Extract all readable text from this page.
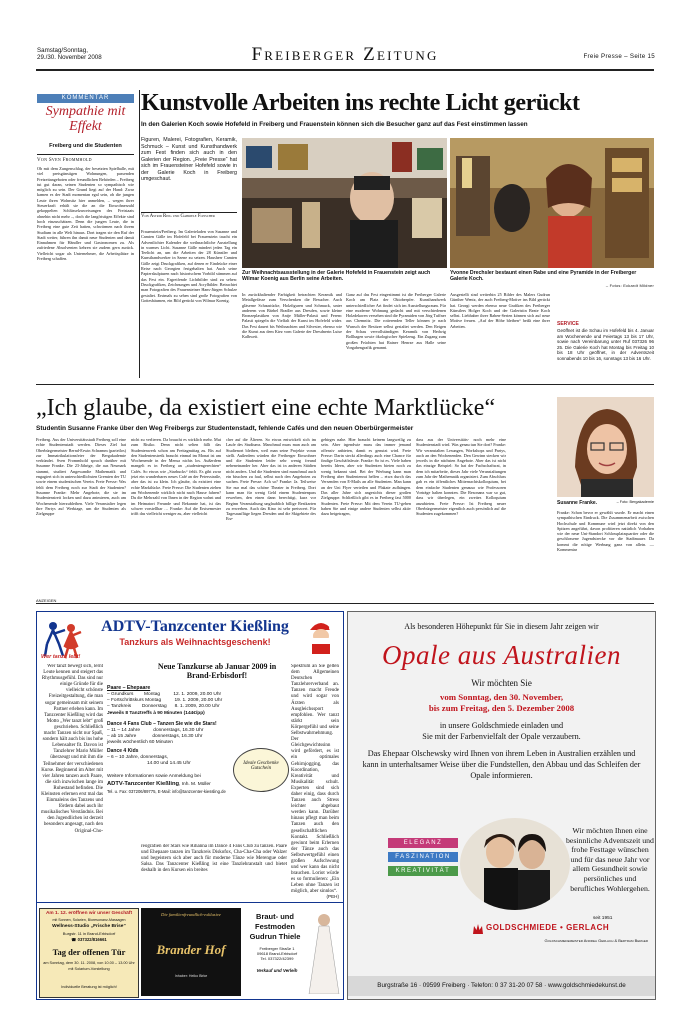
Samstag/Sonntag,
29./30. November 2008	Freiberger Zeitung	Freie Presse – Seite 15
KOMMENTAR
Sympathie mit Effekt
Freiberg und die Studenten
Von Sven Frommhold
Ob mit dem Zungenschlag, der besetzten Spielhalle, mit viel preisgünstigen Wohnungen, passenden Freizeitangeboten oder freundlichen Behörden – Freiberg tut gut daran, seinen Studenten so sympathisch wie möglich zu sein. Der Grund liegt auf der Hand: Zwar kamen es der Stadt momentan egal sein, ob die jungen Leute ihren Wohnsitz hier anmelden, – wegen ihrer Steuerkraft erhält sie die an die Einwohnerzahl gekoppelten Schlüsselzuweisungen des Freistaats ohnehin nicht mehr –, doch die langfristigen Effekte sind hoch einzuschätzen. Denn die jungen Leute, die in Freiberg eine gute Zeit hatten, schwärmen nach ihrem Studium in alle Welt hinaus. Dort tragen sie den Ruf der Stadt weiter, führen ihn damit neue Studenten und damit Einnahmen für Händler und Gastronomen zu. Als zufriedene Absolventen kehren sie zudem gern zurück. Vielleicht sogar als Unternehmer, die Arbeitsplätze in Freiberg schaffen.
Kunstvolle Arbeiten ins rechte Licht gerückt
In den Galerien Koch sowie Hofefeld in Freiberg und Frauenstein können sich die Besucher ganz auf das Fest einstimmen lassen
Figuren, Malerei, Fotografien, Keramik, Schmuck – Kunst und Kunsthandwerk zum Fest finden sich auch in den Galerien der Region. „Freie Presse“ hat sich im Frauensteiner Hofefeld sowie in der Galerie Koch in Freiberg umgeschaut.
Von Astrid Ring und Gabriele Fleischer
Frauenstein/Freiberg. Im Galerieladen von Susanne und Camten Gälle im Hofefeld bei Frauenstein taucht ein Adventlichter Kalender die weihnachtliche Ausstellung in warmes Licht. Susanne Gälle mindert jeden Tag ein Teelicht an, um die Arbeiten der 28 Künstler und Kunsthandwerker in Szene zu setzen. Hausherr Camten Gälle zeigt Druckgrafiken, auf denen er Eindrücke einer Reise nach Georgien festgehalten hat. Auch seine Papierskulpturen nach historischem Vorbild stimmen auf das Fest ein. Ergreifende Lichtbilder sind zu sehen: Druckgrafiken, Zeichnungen und Acrylbilder. Betrachtet man Fotografien des Frauensteiner Hans-Jürgen Schulze gestaltet. Erstmals zu sehen sind große Fotografien von Gottesbäumen, ein Bild gerückt von Wilmar Koenig.
Zur Weihnachtsausstellung in der Galerie Hofefeld in Frauenstein zeigt auch Wilmar Koenig aus Berlin seine Arbeiten.
Yvonne Drechsler bestaunt einen Rabe und eine Pyramide in der Freiberger Galerie Koch.
– Fotos: Eckardt Mildner
In zurückhaltender Farbigkeit betrachten Keramik und Metallgefässe zum Verschenken die Besucher. Auch gläserne Schaustücke, Holzfiguren und Schmuck, unter anderem von Bärbel Bradler aus Dresden, sowie kleine Bronzeplastiken von Antje Müller-Palasti und Ferenc Palasti spiegeln die Vielfalt der Kunst im Hofefeld wider. Das Fest dauert bis Weihnachten und Silvester, ebenso wie die Kunst aus dem Kiez vom Galerie der Dresdnerin Luise Kalbweit.
Ganz auf das Fest eingestimmt ist die Freiberger Galerie Koch am Platz der Oktoberpfer. Kunsthandwerk unterschiedlicher Art findet sich im Ausstellungsraum. Für eine moderne Wohnung gedacht und mit verschiedenen Holzdekoren versehen sind die Pyramiden von Jörg Tuffner aus Chemnitz. Die rotierenden Teller können je nach Wunsch der Besitzer selbst gestaltet werden. Den Reigen der Schau vervollständigen Keramik von Hedwig Bollhagen sowie ökologischer Spielzeug. Ein Zugang zum großen Früchten hat Rainer Henrze aus Halle seine Vorgabengrafik genannt.
Ausgestellt sind weiterhin 25 Bilder des Malers Gudrun Günther Wentz, der auch Freiberg-Motive ins Bild gerückt hat. Georgi werden ebenso neue Grafiken des Freiberger Künstlers Holger Koch und der Galeristin Beate Koch selbst. Liebhaber ihrer Raben-Serien können sich auf neue Motive freuen. „Auf der Höhe bleiben“ heißt eine ihrer Arbeiten.	SERVICE
Geöffnet ist die Schau im Hofefeld bis 4. Januar am Wochenende und Feiertags 13 bis 17 Uhr, sowie nach Vereinbarung unter Ruf 037326 96 25. Die Galerie Koch hat Montag bis Freitag 10 bis 18 Uhr geöffnet, in der Adventszeit sonnabends 10 bis 16, sonntags 13 bis 16 Uhr.
„Ich glaube, da existiert eine echte Marktlücke“
Studentin Susanne Franke über den Weg Freibergs zur Studentenstadt, fehlende Cafés und den neuen Oberbürgermeister
Freiberg. Aus der Universitätsstadt Freiberg soll eine echte Studentenstadt werden. Dieses Ziel hat Oberbürgermeister Bernd-Erwin Schramm (parteilos) zur Immatrikulationsfeier der Bergakademie verkündet. Sven Frommhold sprach darüber mit Susanne Franke. Die 23-Jährige, die aus Neumark stammt, studiert Angewandte Mathematik und engagiert sich in unterschiedlichsten Gremien der TU sowie einem studentischen Verein. Freie Presse: Was fehlt dem Freiberg noch zur Stadt der Studenten? Susanne Franke: Mehr Angebote, die sie im Studentenstreit locken und dazu animieren, auch am Wochenende hierzubleiben. Viele Veranstalter legen ihre Partys auf Werktage, um die Studenten als Zielgruppe
nicht zu verlieren. Da braucht es wirklich mehr. Mut zum Risiko. Denn nicht selten fällt das Studentenwerk schon am Freitagmittag zu. Bis auf den Studentenstreik braucht einmal im Monat ist am Wochenende in der Mensa nichts los. Außerdem mangelt es in Freiberg an „studentengerechten“ Cafés. So etwas wie „Starbucks“ fehlt. Es gibt zwar jetzt ein wunderbares neues Café an der Petersstraße, aber das ist zu klein. Ich glaube, da existiert eine echte Marktlücke. Freie Presse: Die Studenten ziehen am Wochenende wirklich nicht nach Hause fahren? Du die Mehrzahl von Ihnen in der Region wohnt und im Heimatort Freunde und Bekannte hat, ist das schwer vorstellbar … Franke: Auf die Erstsemester trifft das vielleicht weniger zu, aber vielleicht
cher auf die Älteren. So etwas entwickelt sich im Laufe des Studiums. Manchmal muss man auch am Studienort bleiben, weil man seine Projekte voran stellt. Außerdem würden die Freiberger Einwohner und die Studenten leider sehr wenig freund nebeneinander her. Aber das ist in anderen Städten nicht anders. Und die Studenten sind manchmal auch ein bisschen zu faul, selbst nach den Angeboten zu suchen. Freie Presse: Ach so? Franke: Ja. Teilweise Sie nur mal das schöne Theater in Freiberg. Dort kann man für wenig Geld einem Studentenpass erwerben, den einen dann berechtigt, kurz vor Beginn Veranstaltung unglaublich billige Restkarten zu erwerben. Auch das Kino ist sehr preiswert. Für Tagesausflüge liegen Dresden und die Skigebiete des Erz-
gebirges nahe. Hier braucht keinem langweilig zu sein. Aber irgendwie muss das immer jemand offensiv anbieten, damit es genutzt wird. Freie Presse: Darin steckt allerdings auch eine Chance für findige Geschäftsleute. Franke: So ist es. Viele haben bereits Ideen, aber wir Studenten bieten noch zu wenig bekannt sind. Bei der Werbung kann man Freiberg aber Studentenrat helfen – etwa durch das Versenden von E-Mails an alle Studenten. Man kann an der Uni Flyer verteilen und Plakate aufhängen. Das aller Jahre sich angesichts dieser großen Zielgruppe. Schließlich gibt es in Freiberg fast 5000 Studenten. Freie Presse: Mit dem Verein TU-geben haben Sie und einige andere Studenten selbst aktiv dazu beigetragen,
dass aus der Universitäts- noch mehr eine Studentenstadt wird. Was genau tun Sie dort? Franke: Wir veranstalten Lesungen, Workshops und Partys, auch an den Wochenenden. Den Gewinn stecken wir jeweils in die nächsten Angebote. Aber das ist nicht das einzige Beispiel: So hat der Fachschaftsrat, in dem ich mitarbeite, dieses Jahr viele Veranstaltungen zum Jahr der Mathematik organisiert. Zum Abschluss gab es ein öffentliches Mitternachtskolloquium, bei dem einfache Studenten genauso wie Professoren Vorträge halten konnten. Die Resonanz war so gut, dass wir überlegen, ein zweites Kolloquium anzubieten. Freie Presse: Ist Freiberg neuer Oberbürgermeister eigentlich auch persönlich auf die Studenten zugekommen?
Susanne Franke.	– Foto: Bergakademie
Franke: Schon bevor er gewählt wurde. Er macht einen sympathischen Eindruck. Die Zusammenarbeit zwischen Hochschule und Kommune wird jetzt direkt von den Spitzen angeführt, davon profitieren natürlich Vorhaben wie der neue Uni-Standort Schlossplatzquartier oder die geschlossene Jugendstrecke vor die Stadtmauer. Da kommt die nötige Werbung ganz von allein. —Kommentar
ANZEIGEN
ADTV-Tanzcenter Kießling
Tanzkurs als Weihnachtsgeschenk!
Wer tanzt, lebt!
Wer tanzt bewegt sich, lernt Leute kennen und steigert das Rhythmusgefühl. Das sind nur einige Gründe für die vielleicht schönste Freizeitgestaltung, die man sogar gemeinsam mit seinem Partner erleben kann. Im Tanzcenter Kießling wird das Motto „Wer tanzt lebt“ groß geschrieben. Schließlich macht Tanzen nicht nur Spaß, sondern hält auch bis ins hohe Lebensalter fit. Davon ist Tanzlehrer Mario Müller überzeugt und mit ihm die Teilnehmer der verschiedenen Kurse. Beginnend im Alter mit vier Jahren tanzen auch Paare, die sich inzwischen lange im Ruhestand befinden. Die Kleinsten erlernen erst mal das Einmaleins des Tanzens und fördern dabei auch ihr musikalisches Verständnis. Bei den Jugendlichen ist derzeit besonders angesagt, nach den Original-Cho-
Neue Tanzkurse ab Januar 2009 in Brand-Erbisdorf!
Paare – Ehepaare
– Grundkurs        Montag          12. 1. 2009, 20.00 Uhr
– Fortschrittskurs Montag          19. 1. 2009, 20.00 Uhr
– Tanzkreis        Donnerstag      8. 1. 2009, 20.00 Uhr
Jeweils 8 Tanztreffs à 90 Minuten (144€/pp)
Dance 4 Fans Club – Tanzen Sie wie die Stars!
– 11 – 14 Jahre          donnerstags, 16.30 Uhr
– ab 15 Jahre            donnerstags, 16.30 Uhr
jeweils wöchentlich 60 Minuten
Dance 4 Kids
– 6 – 10 Jahre, donnerstags,
14.00 und 14.45 Uhr	Ideale Geschenke Gutschein
Weitere Informationen sowie Anmeldung bei
ADTV-Tanzcenter Kießling, Inh. M. Müller
Tel. u. Fax: 037206/89775, E-Mail: info@tanzcenter-kiessling.de
Spektrum an Sie gelten dem Allgemeinen Deutschen Tanzlehrerverband an. Tanzen macht Freude und wird sogar von Ärzten als Ausgleichssport empfohlen. Wer tanzt stärkt sein Körpergefühl und seine Selbstwahrnehmung. Der Gleichgewichtssinn wird gefördert, es ist ein optimales Gehirnjogging, das Koordination, Kreativität und Musikalität schult. Experten sind sich daher einig, dass durch Tanzen auch Stress leichter abgebaut werden kann. Darüber hinaus pflegt man beim Tanzen auch den gesellschaftlichen Kontakt. Schließlich gewinnt beim Erlernen der Tänze auch das Selbstwertgefühl einen großen Aufschwung und wer kann das nicht brauchen. Loriot würde es so formulieren: „Ein Leben ohne Tanzen ist möglich, aber sinnlos“.
(PEH)
reografien der Stars wie Rihanna im Dance 4 Fans Club zu tanzen. Paare und Ehepaare tanzen im Tanzkreis Diskofox, Cha-Cha-Cha oder Walzer und begeistern sich aber auch für moderne Tänze wie Merengue oder Salsa. Das Tanzcenter Kießling ist eine Tanzlehranstalt und bietet deshalb in den Kursen ein breites
Am 1. 12. eröffnen wir unser Geschäft
mit Sonnen, Solarien, Bioresonanz-Massagen
Wellness-Studio „Frische Brise“
Burgstr. 11 in Brand-Erbisdorf
☎ 037322/816661
Tag der offenen Tür
am Sonntag, dem 30. 11. 2008, von 10.00 – 13.00 Uhr
mit Solarium-Vorstellung
Individuelle Beratung ist möglich!
Die familienfreundlich-exklusive
Brander Hof
Inhaber: Heiko Birke
Braut- und
Festmoden
Gudrun Thiele
Freiberger Straße 1
09618 Brand-Erbisdorf
Tel. 037322/42399
Verkauf und Verleih
Als besonderen Höhepunkt für Sie in diesem Jahr zeigen wir
Opale aus Australien
Wir möchten Sie
vom Sonntag, den 30. November,
bis zum Freitag, den 5. Dezember 2008
in unsere Goldschmiede einladen und
Sie mit der Farbenvielfalt der Opale verzaubern.
Das Ehepaar Olschewsky wird Ihnen von ihrem Leben in Australien erzählen und kann in unterhaltsamer Weise über die Fundstellen, den Abbau und das Schleifen der Opale informieren.
ELEGANZ
FASZINATION
KREATIVITÄT
Wir möchten Ihnen eine besinnliche Adventszeit und frohe Festtage wünschen und für das neue Jahr vor allem Gesundheit sowie persönliches und berufliches Wohlergehen.
seit 1951
GOLDSCHMIEDE • GERLACH
Goldschmiedemeister Andrea Gerlach & Bertram Berger
Burgstraße 16 · 09599 Freiberg · Telefon: 0 37 31-20 07 58 · www.goldschmiedekunst.de
